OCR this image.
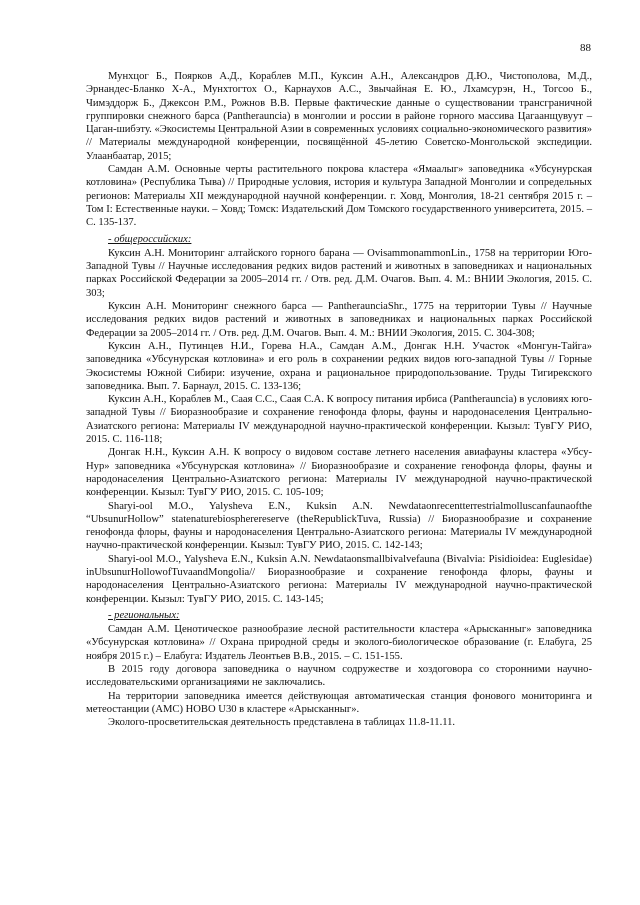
88

Мунхцог Б., Поярков А.Д., Кораблев М.П., Куксин А.Н., Александров Д.Ю., Чистополова, М.Д., Эрнандес-Бланко Х-А., Мунхтогтох О., Карнаухов А.С., Звычайная Е. Ю., Лхамсурэн, Н., Тогсоо Б., Чимэддорж Б., Джексон Р.М., Рожнов В.В. Первые фактические данные о существовании трансграничной группировки снежного барса (Pantherauncia) в монголии и россии в районе горного массива Цагаанщувуут – Цаган-шибэту. «Экосистемы Центральной Азии в современных условиях социально-экономического развития» // Материалы международной конференции, посвящённой 45-летию Советско-Монгольской экспедиции. Улаанбаатар, 2015;

Самдан А.М. Основные черты растительного покрова кластера «Ямаалыг» заповедника «Убсунурская котловина» (Республика Тыва) // Природные условия, история и культура Западной Монголии и сопредельных регионов: Материалы XII международной научной конференции. г. Ховд, Монголия, 18-21 сентября 2015 г. – Том I: Естественные науки. – Ховд; Томск: Издательский Дом Томского государственного университета, 2015. – С. 135-137.

- общероссийских:

Куксин А.Н. Мониторинг алтайского горного барана — OvisammonammonLin., 1758 на территории Юго-Западной Тувы // Научные исследования редких видов растений и животных в заповедниках и национальных парках Российской Федерации за 2005–2014 гг. / Отв. ред. Д.М. Очагов. Вып. 4. М.: ВНИИ Экология, 2015. С. 303;

Куксин А.Н. Мониторинг снежного барса — PantheraunciaShr., 1775 на территории Тувы // Научные исследования редких видов растений и животных в заповедниках и национальных парках Российской Федерации за 2005–2014 гг. / Отв. ред. Д.М. Очагов. Вып. 4. М.: ВНИИ Экология, 2015. С. 304-308;

Куксин А.Н., Путинцев Н.И., Горева Н.А., Самдан А.М., Донгак Н.Н. Участок «Монгун-Тайга» заповедника «Убсунурская котловина» и его роль в сохранении редких видов юго-западной Тувы // Горные Экосистемы Южной Сибири: изучение, охрана и рациональное природопользование. Труды Тигирекского заповедника. Вып. 7. Барнаул, 2015. С. 133-136;

Куксин А.Н., Кораблев М., Саая С.С., Саая С.А. К вопросу питания ирбиса (Pantherauncia) в условиях юго-западной Тувы // Биоразнообразие и сохранение генофонда флоры, фауны и народонаселения Центрально-Азиатского региона: Материалы IV международной научно-практической конференции. Кызыл: ТувГУ РИО, 2015. С. 116-118;

Донгак Н.Н., Куксин А.Н. К вопросу о видовом составе летнего населения авиафауны кластера «Убсу-Нур» заповедника «Убсунурская котловина» // Биоразнообразие и сохранение генофонда флоры, фауны и народонаселения Центрально-Азиатского региона: Материалы IV международной научно-практической конференции. Кызыл: ТувГУ РИО, 2015. С. 105-109;

Sharyi-ool M.O., Yalysheva E.N., Kuksin A.N. Newdataonrecentterrestrialmolluscanfaunaofthe “UbsunurHollow” statenaturebiosphereresеrve (theRepublickTuva, Russia) // Биоразнообразие и сохранение генофонда флоры, фауны и народонаселения Центрально-Азиатского региона: Материалы IV международной научно-практической конференции. Кызыл: ТувГУ РИО, 2015. С. 142-143;

Sharyi-ool M.O., Yalysheva E.N., Kuksin A.N. Newdataonsmallbivalvefauna (Bivalvia: Pisidioidea: Euglesidae) inUbsunurHollowofTuvaandMongolia// Биоразнообразие и сохранение генофонда флоры, фауны и народонаселения Центрально-Азиатского региона: Материалы IV международной научно-практической конференции. Кызыл: ТувГУ РИО, 2015. С. 143-145;

- региональных:

Самдан А.М. Ценотическое разнообразие лесной растительности кластера «Арысканныг» заповедника «Убсунурская котловина» // Охрана природной среды и эколого-биологическое образование (г. Елабуга, 25 ноября 2015 г.) – Елабуга: Издатель Леонтьев В.В., 2015. – С. 151-155.

В 2015 году договора заповедника о научном содружестве и хоздоговора со сторонними научно-исследовательскими организациями не заключались.

На территории заповедника имеется действующая автоматическая станция фонового мониторинга и метеостанции (АМС) НОВО U30 в кластере «Арысканныг».

Эколого-просветительская деятельность представлена в таблицах 11.8-11.11.
